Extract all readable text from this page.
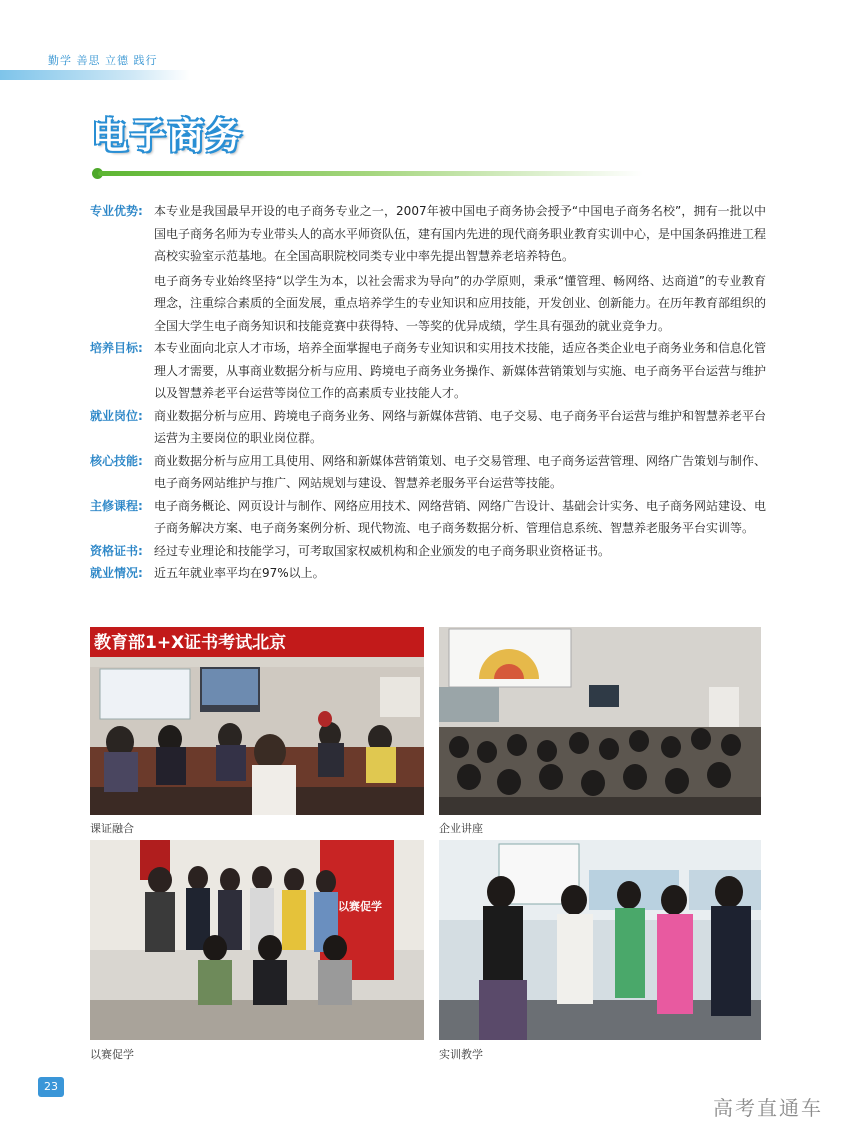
勤学 善思 立德 践行
电子商务
专业优势: 本专业是我国最早开设的电子商务专业之一，2007年被中国电子商务协会授予“中国电子商务名校”，拥有一批以中国电子商务名师为专业带头人的高水平师资队伍，建有国内先进的现代商务职业教育实训中心，是中国条码推进工程高校实验室示范基地。在全国高职院校同类专业中率先提出智慧养老培养特色。
电子商务专业始终坚持“以学生为本，以社会需求为导向”的办学原则，秉承“懂管理、畅网络、达商道”的专业教育理念，注重综合素质的全面发展，重点培养学生的专业知识和应用技能，开发创业、创新能力。在历年教育部组织的全国大学生电子商务知识和技能竞赛中获得特、一等奖的优异成绩，学生具有强劲的就业竞争力。
培养目标: 本专业面向北京人才市场，培养全面掌握电子商务专业知识和实用技术技能，适应各类企业电子商务业务和信息化管理人才需要，从事商业数据分析与应用、跨境电子商务业务操作、新媒体营销策划与实施、电子商务平台运营与维护以及智慧养老平台运营等岗位工作的高素质专业技能人才。
就业岗位: 商业数据分析与应用、跨境电子商务业务、网络与新媒体营销、电子交易、电子商务平台运营与维护和智慧养老平台运营为主要岗位的职业岗位群。
核心技能: 商业数据分析与应用工具使用、网络和新媒体营销策划、电子交易管理、电子商务运营管理、网络广告策划与制作、电子商务网站维护与推广、网站规划与建设、智慧养老服务平台运营等技能。
主修课程: 电子商务概论、网页设计与制作、网络应用技术、网络营销、网络广告设计、基础会计实务、电子商务网站建设、电子商务解决方案、电子商务案例分析、现代物流、电子商务数据分析、管理信息系统、智慧养老服务平台实训等。
资格证书: 经过专业理论和技能学习，可考取国家权威机构和企业颁发的电子商务职业资格证书。
就业情况: 近五年就业率平均在97%以上。
教育部1+X证书考试北京
课证融合	企业讲座
以赛促学
以赛促学	实训教学
23
高考直通车
